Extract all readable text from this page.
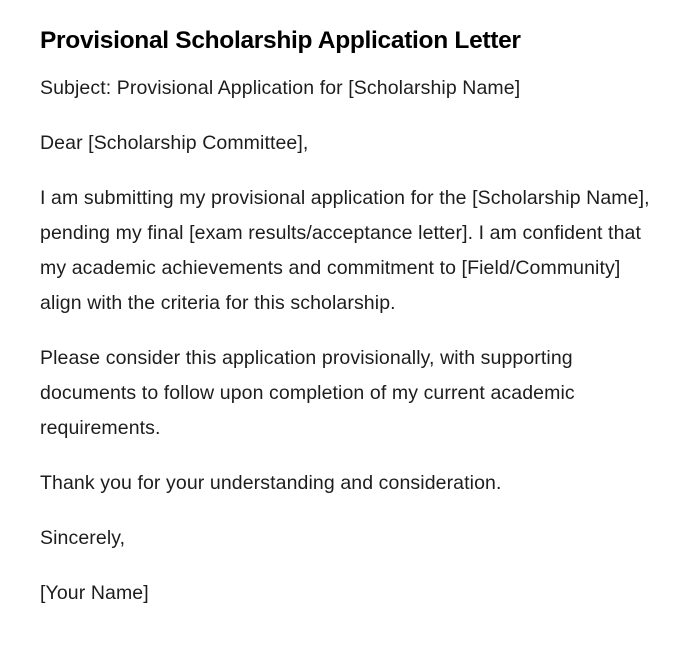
Provisional Scholarship Application Letter

Subject: Provisional Application for [Scholarship Name]

Dear [Scholarship Committee],

I am submitting my provisional application for the [Scholarship Name], pending my final [exam results/acceptance letter]. I am confident that my academic achievements and commitment to [Field/Community] align with the criteria for this scholarship.

Please consider this application provisionally, with supporting documents to follow upon completion of my current academic requirements.

Thank you for your understanding and consideration.

Sincerely,

[Your Name]
